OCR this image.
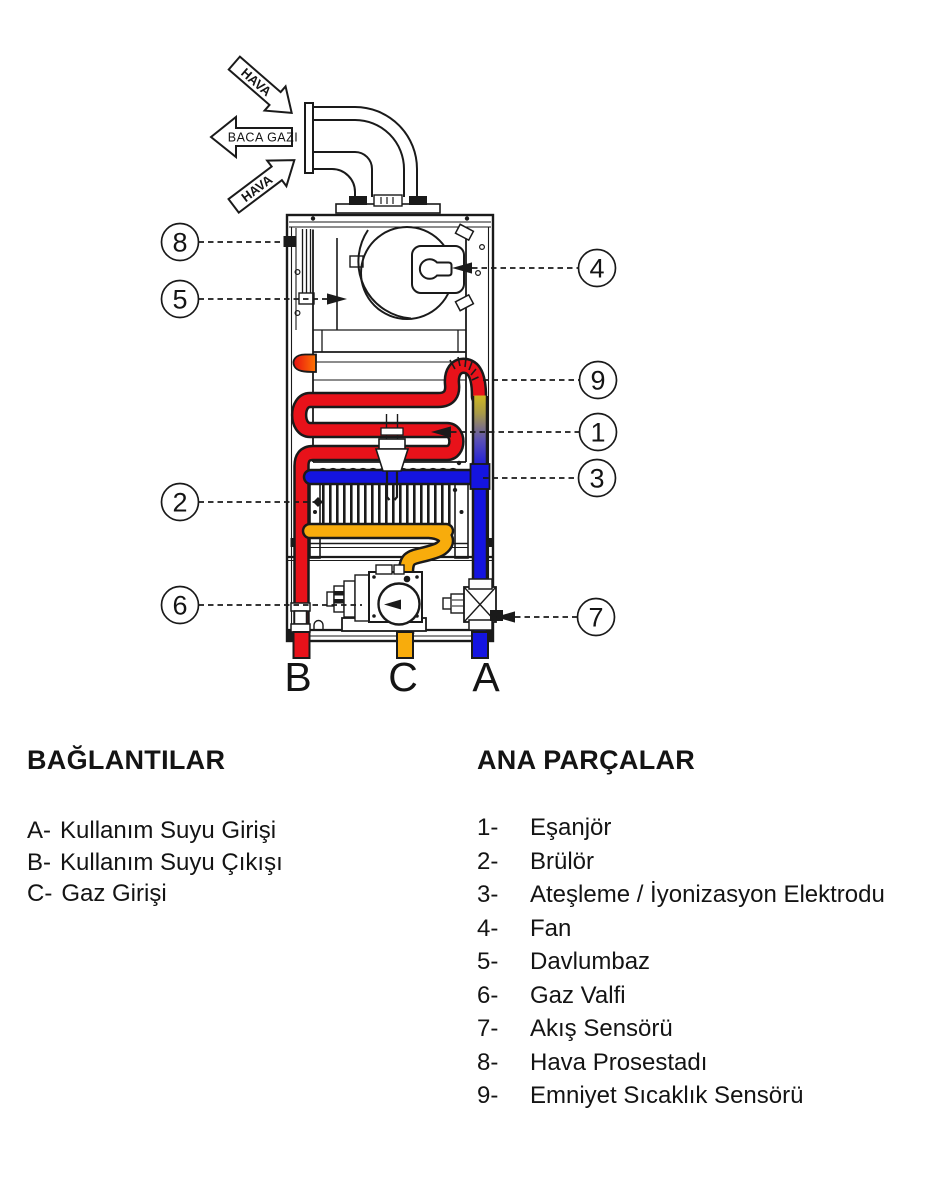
B C A
HAVA
HAVA
BACA GAZI
8
5
2
6
4
9
1
3
7
BAĞLANTILAR
A- Kullanım Suyu Girişi
B- Kullanım Suyu Çıkışı
C- Gaz Girişi
ANA PARÇALAR
1- Eşanjör
2- Brülör
3- Ateşleme / İyonizasyon Elektrodu
4- Fan
5- Davlumbaz
6- Gaz Valfi
7- Akış Sensörü
8- Hava Prosestadı
9- Emniyet Sıcaklık Sensörü
